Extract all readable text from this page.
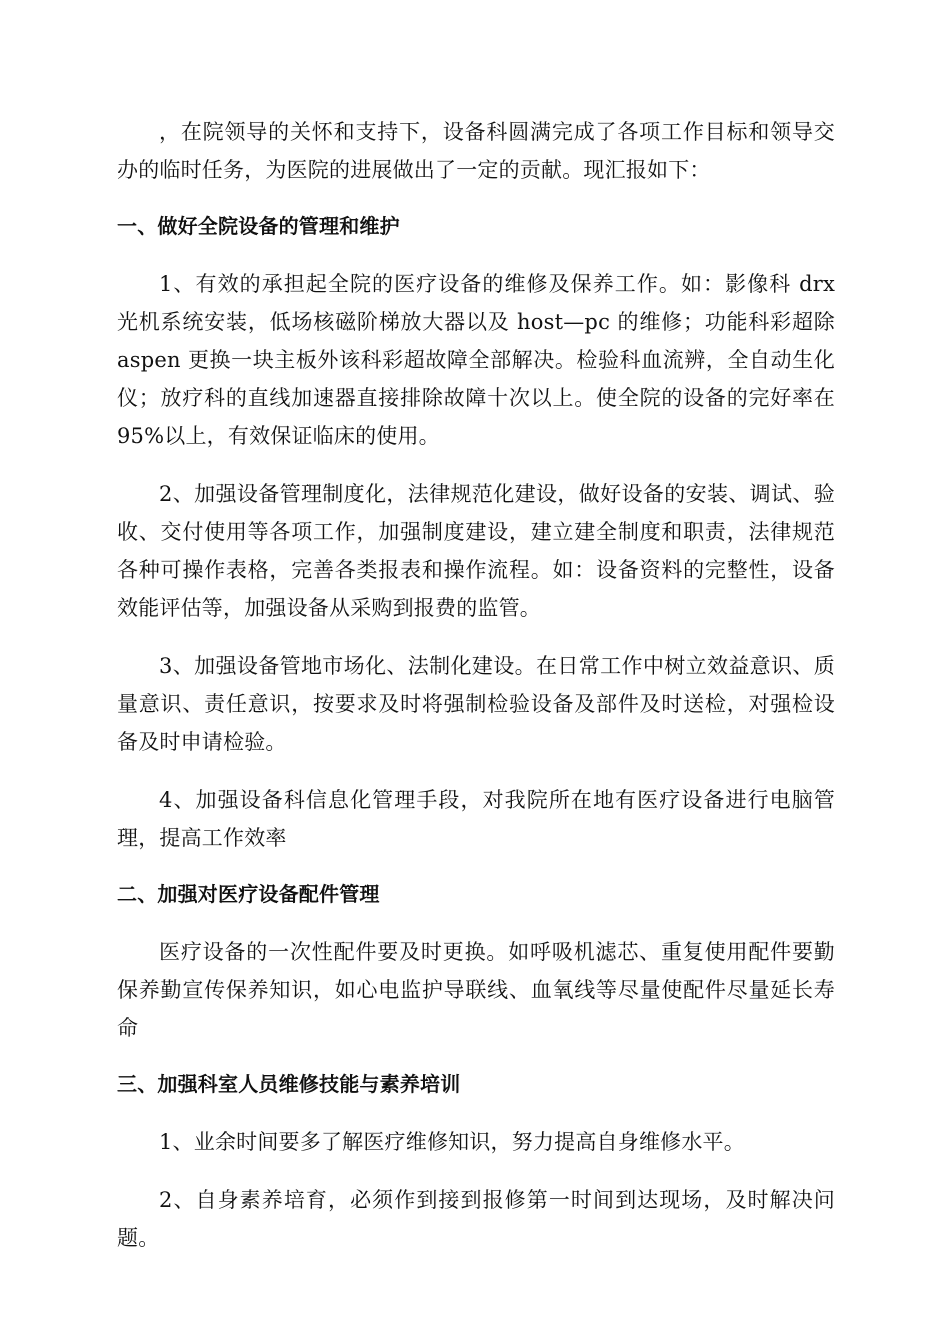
，在院领导的关怀和支持下，设备科圆满完成了各项工作目标和领导交办的临时任务，为医院的进展做出了一定的贡献。现汇报如下：

一、做好全院设备的管理和维护

1、有效的承担起全院的医疗设备的维修及保养工作。如：影像科 drx 光机系统安装，低场核磁阶梯放大器以及 host—pc 的维修；功能科彩超除 aspen 更换一块主板外该科彩超故障全部解决。检验科血流辨，全自动生化仪；放疗科的直线加速器直接排除故障十次以上。使全院的设备的完好率在 95%以上，有效保证临床的使用。

2、加强设备管理制度化，法律规范化建设，做好设备的安装、调试、验收、交付使用等各项工作，加强制度建设，建立建全制度和职责，法律规范各种可操作表格，完善各类报表和操作流程。如：设备资料的完整性，设备效能评估等，加强设备从采购到报费的监管。

3、加强设备管地市场化、法制化建设。在日常工作中树立效益意识、质量意识、责任意识，按要求及时将强制检验设备及部件及时送检，对强检设备及时申请检验。

4、加强设备科信息化管理手段，对我院所在地有医疗设备进行电脑管理，提高工作效率

二、加强对医疗设备配件管理

医疗设备的一次性配件要及时更换。如呼吸机滤芯、重复使用配件要勤保养勤宣传保养知识，如心电监护导联线、血氧线等尽量使配件尽量延长寿命

三、加强科室人员维修技能与素养培训

1、业余时间要多了解医疗维修知识，努力提高自身维修水平。

2、自身素养培育，必须作到接到报修第一时间到达现场，及时解决问题。
